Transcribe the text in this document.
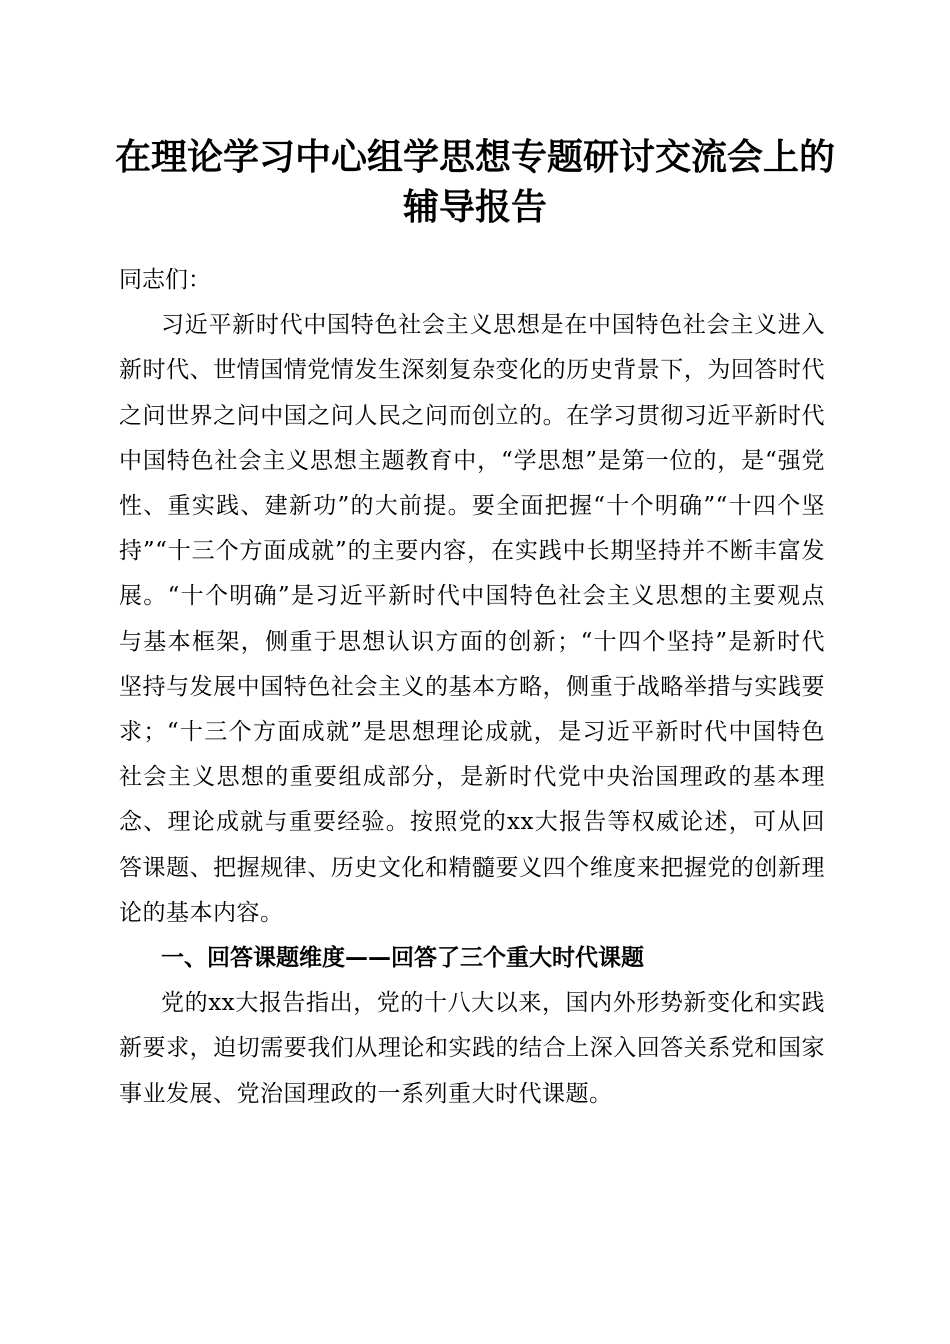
在理论学习中心组学思想专题研讨交流会上的辅导报告

同志们：

习近平新时代中国特色社会主义思想是在中国特色社会主义进入新时代、世情国情党情发生深刻复杂变化的历史背景下，为回答时代之问世界之问中国之问人民之问而创立的。在学习贯彻习近平新时代中国特色社会主义思想主题教育中，“学思想”是第一位的，是“强党性、重实践、建新功”的大前提。要全面把握“十个明确”“十四个坚持”“十三个方面成就”的主要内容，在实践中长期坚持并不断丰富发展。“十个明确”是习近平新时代中国特色社会主义思想的主要观点与基本框架，侧重于思想认识方面的创新；“十四个坚持”是新时代坚持与发展中国特色社会主义的基本方略，侧重于战略举措与实践要求；“十三个方面成就”是思想理论成就，是习近平新时代中国特色社会主义思想的重要组成部分，是新时代党中央治国理政的基本理念、理论成就与重要经验。按照党的xx大报告等权威论述，可从回答课题、把握规律、历史文化和精髓要义四个维度来把握党的创新理论的基本内容。

一、回答课题维度——回答了三个重大时代课题

党的xx大报告指出，党的十八大以来，国内外形势新变化和实践新要求，迫切需要我们从理论和实践的结合上深入回答关系党和国家事业发展、党治国理政的一系列重大时代课题。
